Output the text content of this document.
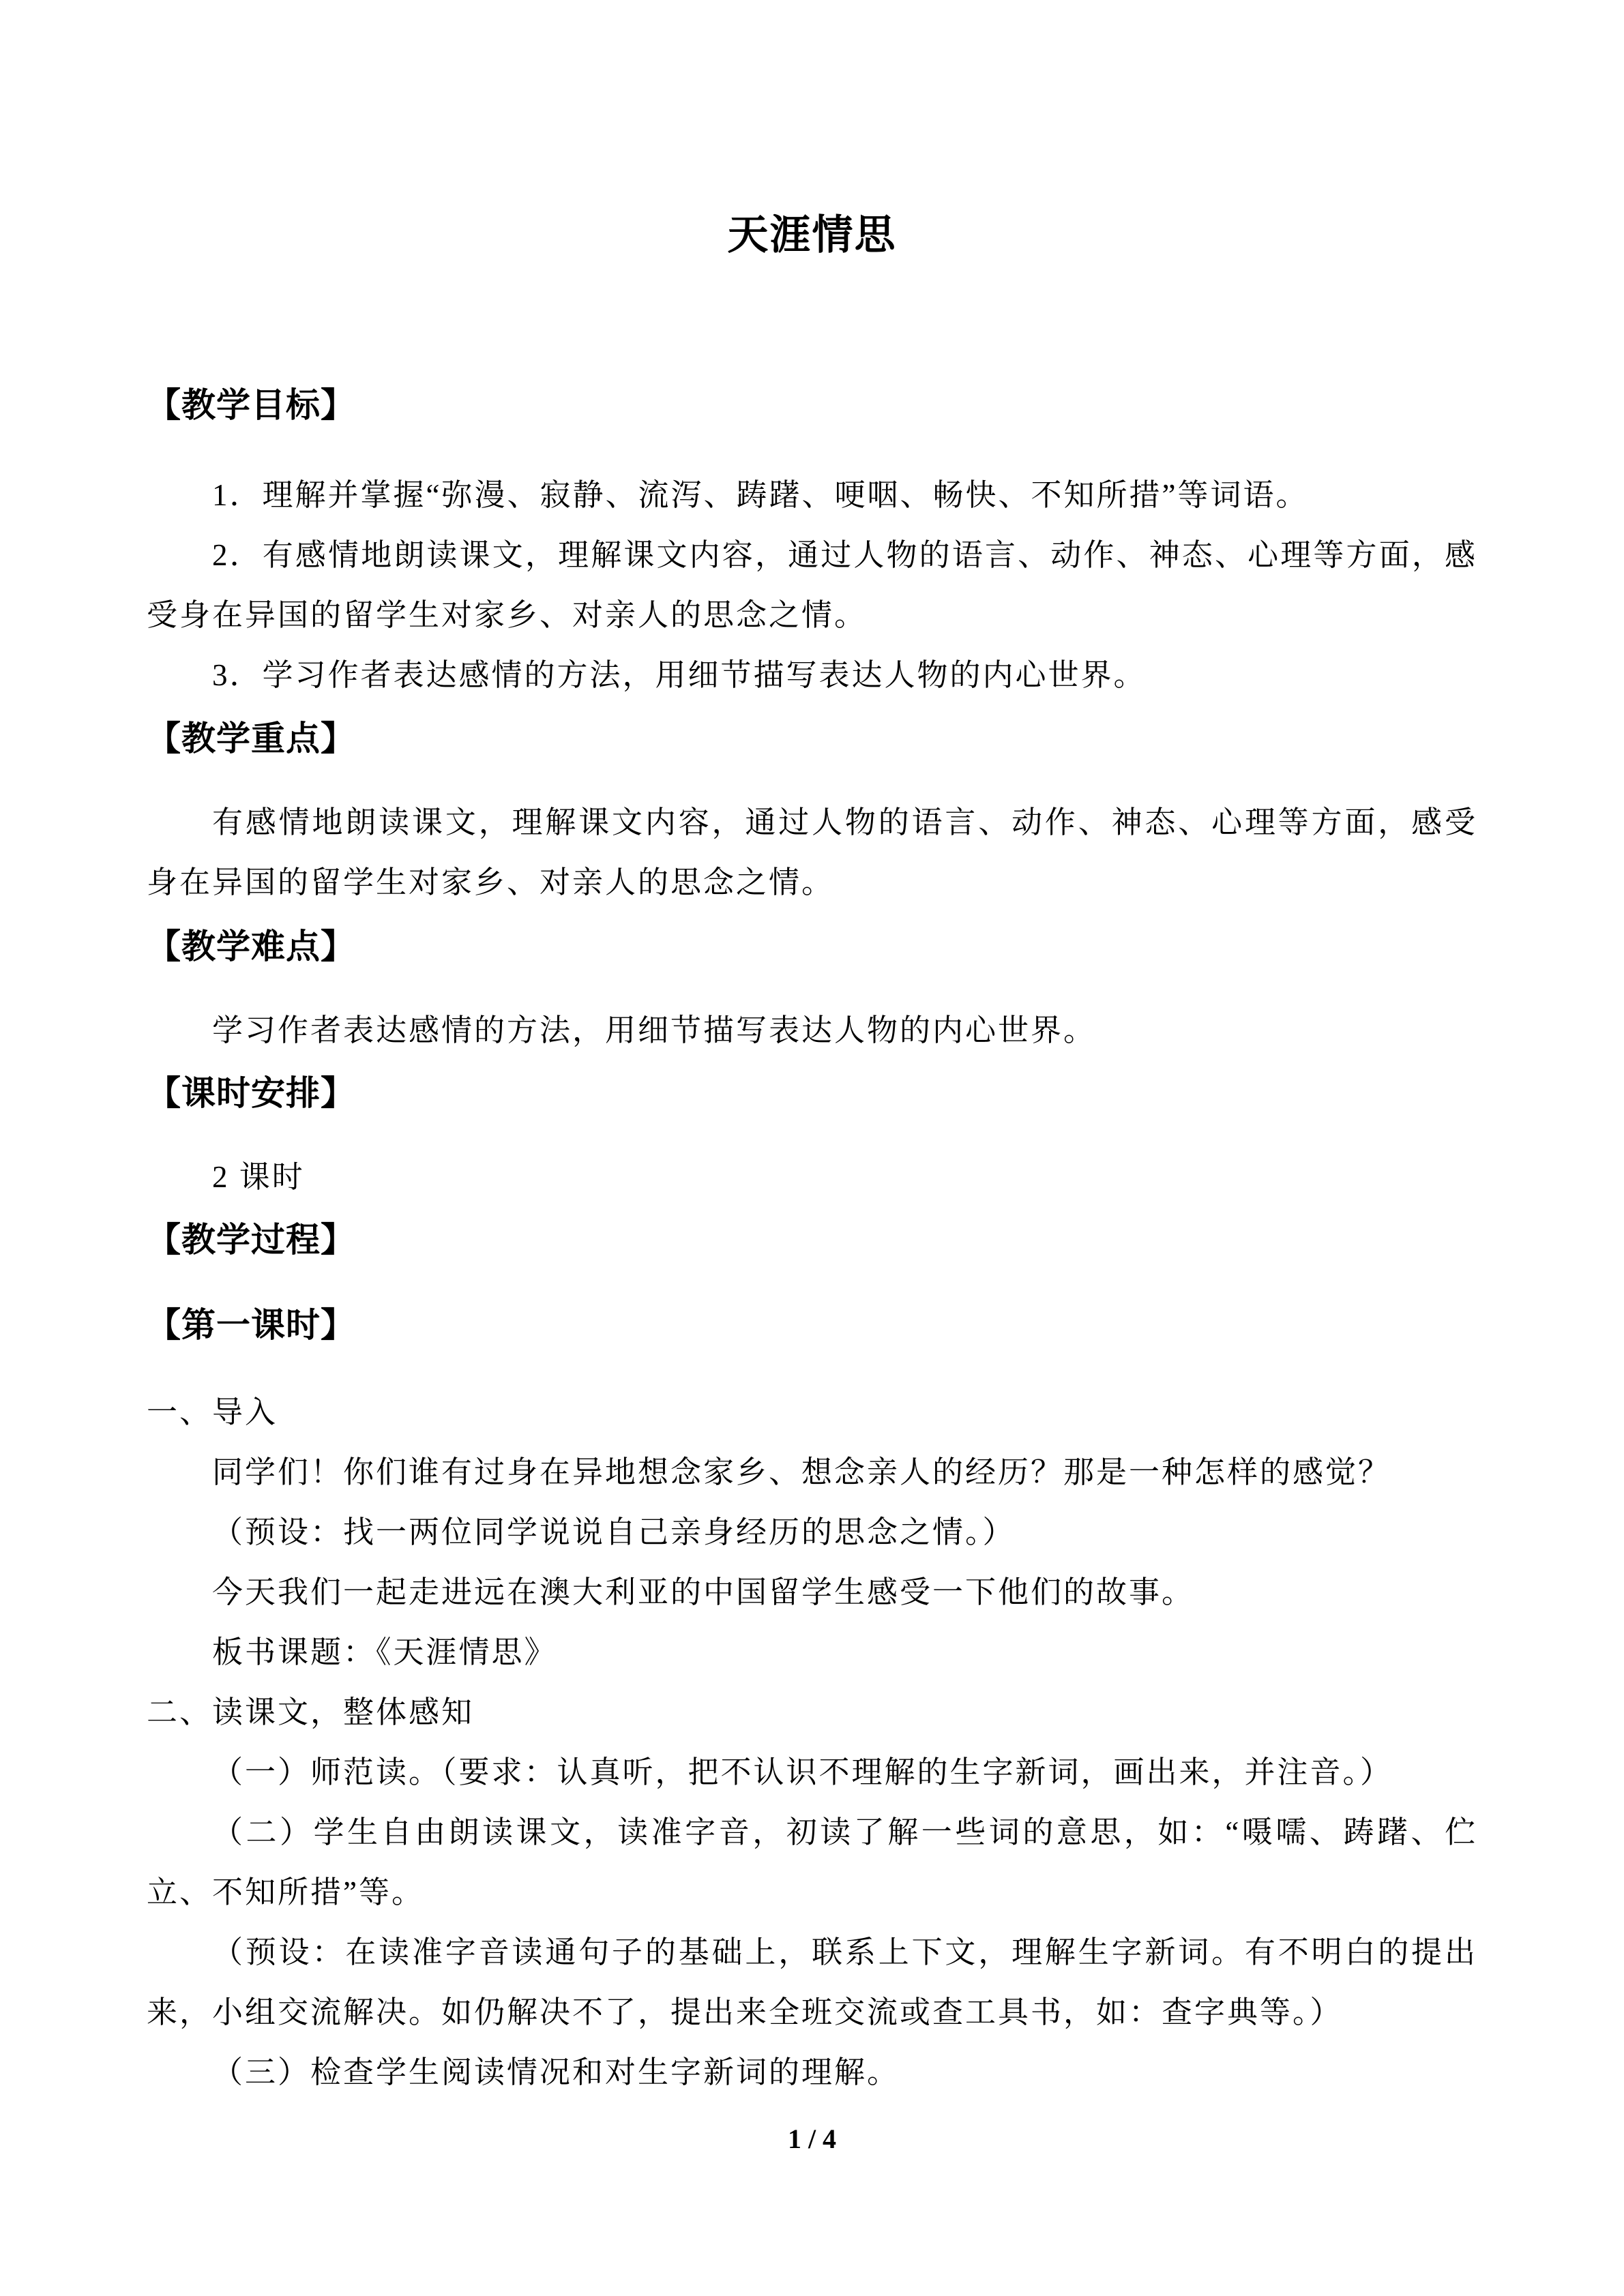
天涯情思
【教学目标】

1．理解并掌握“弥漫、寂静、流泻、踌躇、哽咽、畅快、不知所措”等词语。

2．有感情地朗读课文，理解课文内容，通过人物的语言、动作、神态、心理等方面，感受身在异国的留学生对家乡、对亲人的思念之情。

3．学习作者表达感情的方法，用细节描写表达人物的内心世界。

【教学重点】

有感情地朗读课文，理解课文内容，通过人物的语言、动作、神态、心理等方面，感受身在异国的留学生对家乡、对亲人的思念之情。

【教学难点】

学习作者表达感情的方法，用细节描写表达人物的内心世界。

【课时安排】

2 课时

【教学过程】
【第一课时】

一、导入

同学们！你们谁有过身在异地想念家乡、想念亲人的经历？那是一种怎样的感觉？

（预设：找一两位同学说说自己亲身经历的思念之情。）

今天我们一起走进远在澳大利亚的中国留学生感受一下他们的故事。

板书课题：《天涯情思》

二、读课文，整体感知

（一）师范读。（要求：认真听，把不认识不理解的生字新词，画出来，并注音。）

（二）学生自由朗读课文，读准字音，初读了解一些词的意思，如：“嗫嚅、踌躇、伫立、不知所措”等。

（预设：在读准字音读通句子的基础上，联系上下文，理解生字新词。有不明白的提出来，小组交流解决。如仍解决不了，提出来全班交流或查工具书，如：查字典等。）

（三）检查学生阅读情况和对生字新词的理解。

1 / 4
